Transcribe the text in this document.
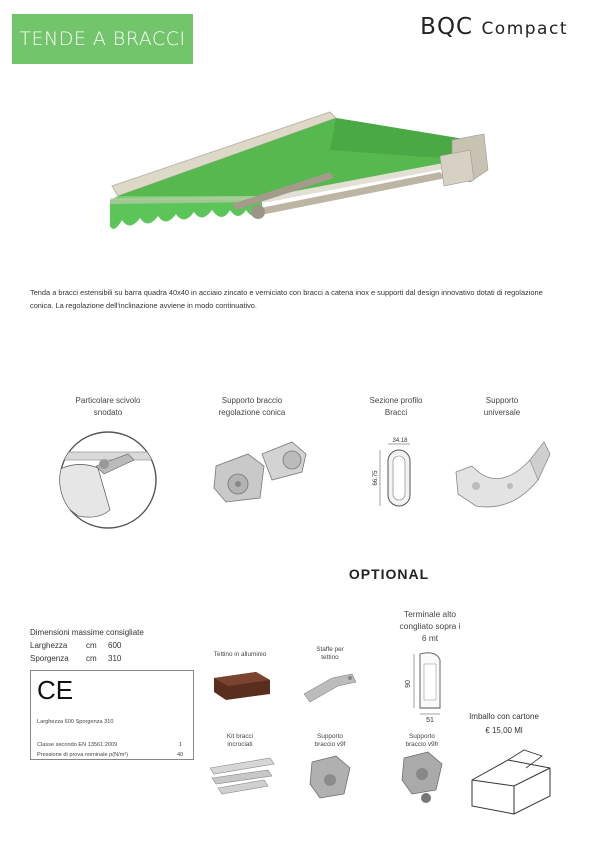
TENDE A BRACCI	BQC Compact
Tenda a bracci estensibili su barra quadra 40x40 in acciaio zincato e verniciato con bracci a catena inox e supporti dal design innovativo dotati di regolazione conica. La regolazione dell'inclinazione avviene in modo continuativo.
Particolare scivolo
snodato
Supporto braccio
regolazione conica
Sezione profilo
Bracci
Supporto
universale
34.18
66.75
OPTIONAL
Dimensioni massime consigliate
Larghezza	cm	600
Sporgenza	cm	310
CE
Larghezza 600 Sporgenza 310
Classe secondo EN 13561:2009	1
Pressione di prova nominale p(N/m²)	40
Tettino in alluminio
Staffe per
tettino
Terminale alto
congliato sopra i
6 mt
Kit bracci
incrociati
Supporto
braccio v9f
Supporto
braccio v9fr
Imballo con cartone
€ 15,00 Ml
90
51
